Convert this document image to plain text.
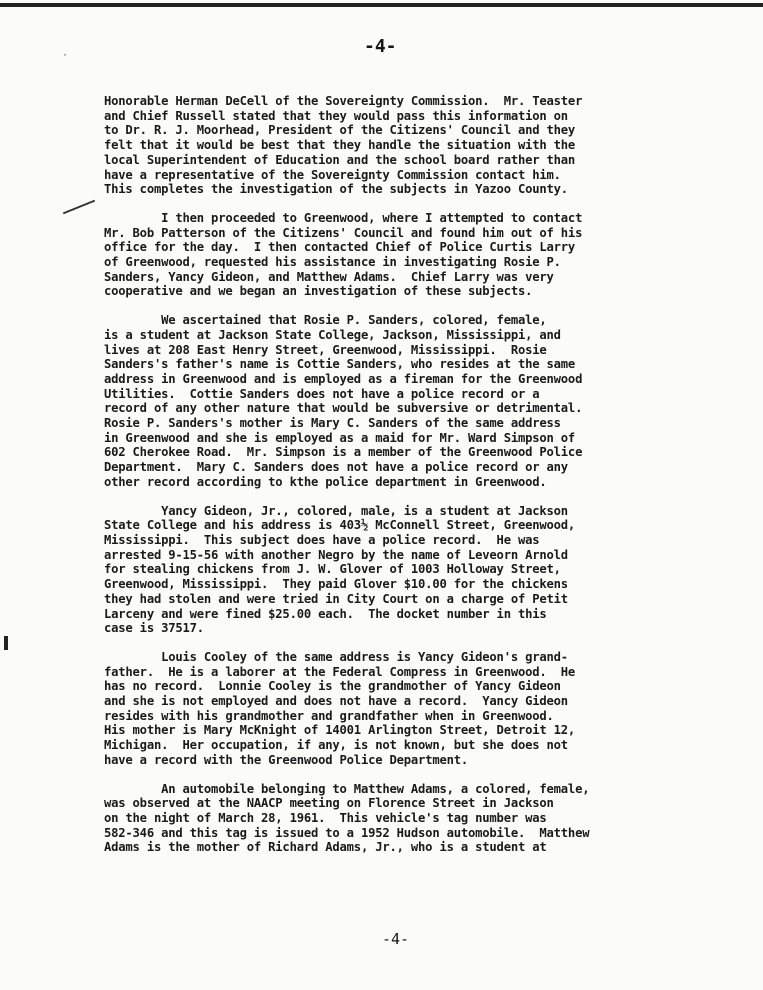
·	-4-
Honorable Herman DeCell of the Sovereignty Commission.  Mr. Teaster
and Chief Russell stated that they would pass this information on
to Dr. R. J. Moorhead, President of the Citizens' Council and they
felt that it would be best that they handle the situation with the
local Superintendent of Education and the school board rather than
have a representative of the Sovereignty Commission contact him.
This completes the investigation of the subjects in Yazoo County.
I then proceeded to Greenwood, where I attempted to contact
Mr. Bob Patterson of the Citizens' Council and found him out of his
office for the day.  I then contacted Chief of Police Curtis Larry
of Greenwood, requested his assistance in investigating Rosie P.
Sanders, Yancy Gideon, and Matthew Adams.  Chief Larry was very
cooperative and we began an investigation of these subjects.
We ascertained that Rosie P. Sanders, colored, female,
is a student at Jackson State College, Jackson, Mississippi, and
lives at 208 East Henry Street, Greenwood, Mississippi.  Rosie
Sanders's father's name is Cottie Sanders, who resides at the same
address in Greenwood and is employed as a fireman for the Greenwood
Utilities.  Cottie Sanders does not have a police record or a
record of any other nature that would be subversive or detrimental.
Rosie P. Sanders's mother is Mary C. Sanders of the same address
in Greenwood and she is employed as a maid for Mr. Ward Simpson of
602 Cherokee Road.  Mr. Simpson is a member of the Greenwood Police
Department.  Mary C. Sanders does not have a police record or any
other record according to kthe police department in Greenwood.
Yancy Gideon, Jr., colored, male, is a student at Jackson
State College and his address is 403½ McConnell Street, Greenwood,
Mississippi.  This subject does have a police record.  He was
arrested 9-15-56 with another Negro by the name of Leveorn Arnold
for stealing chickens from J. W. Glover of 1003 Holloway Street,
Greenwood, Mississippi.  They paid Glover $10.00 for the chickens
they had stolen and were tried in City Court on a charge of Petit
Larceny and were fined $25.00 each.  The docket number in this
case is 37517.
Louis Cooley of the same address is Yancy Gideon's grand-
father.  He is a laborer at the Federal Compress in Greenwood.  He
has no record.  Lonnie Cooley is the grandmother of Yancy Gideon
and she is not employed and does not have a record.  Yancy Gideon
resides with his grandmother and grandfather when in Greenwood.
His mother is Mary McKnight of 14001 Arlington Street, Detroit 12,
Michigan.  Her occupation, if any, is not known, but she does not
have a record with the Greenwood Police Department.
An automobile belonging to Matthew Adams, a colored, female,
was observed at the NAACP meeting on Florence Street in Jackson
on the night of March 28, 1961.  This vehicle's tag number was
582-346 and this tag is issued to a 1952 Hudson automobile.  Matthew
Adams is the mother of Richard Adams, Jr., who is a student at
-4-
